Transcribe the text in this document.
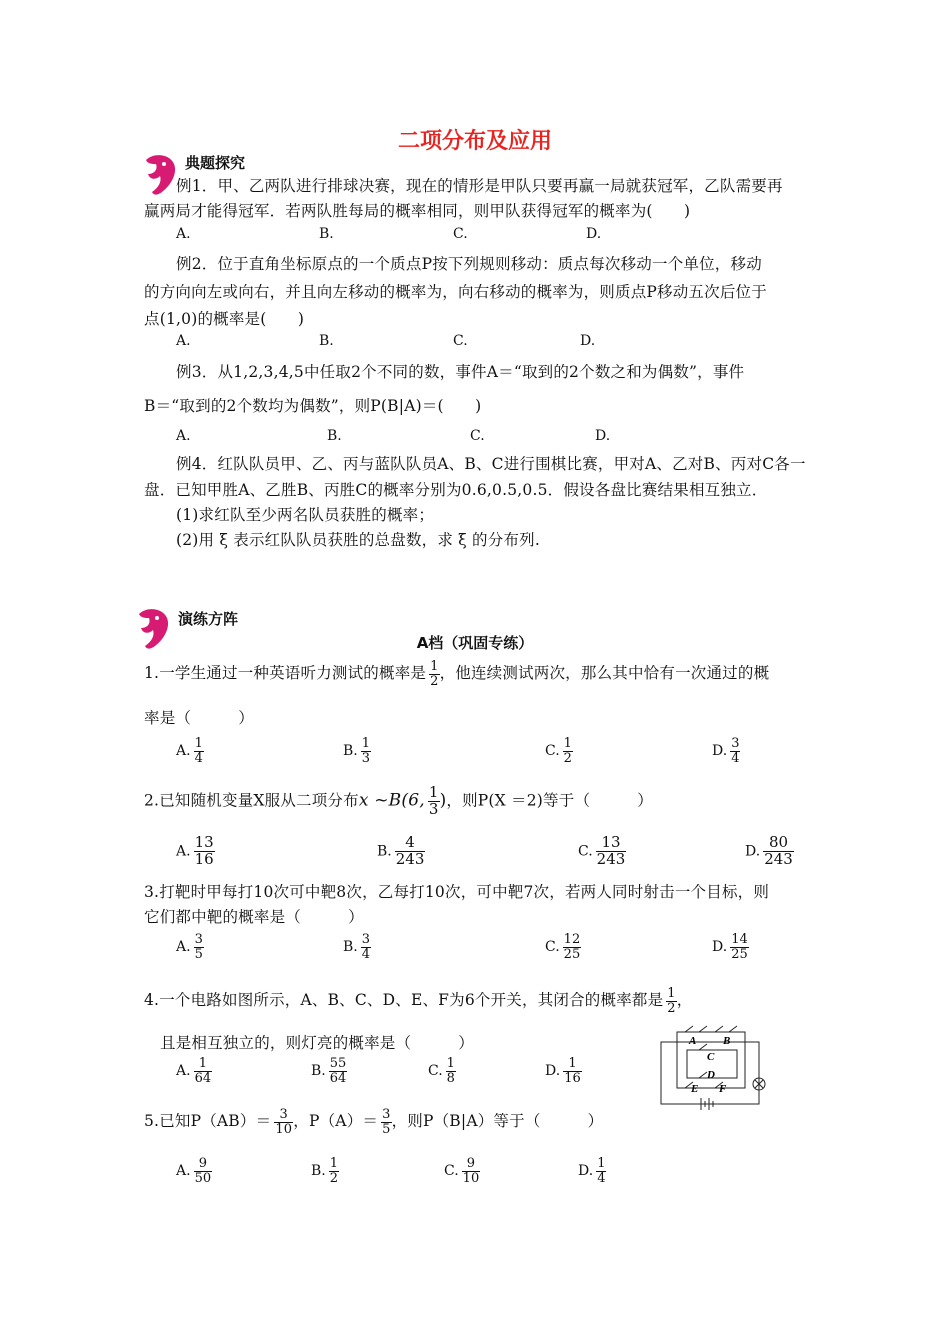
二项分布及应用
典题探究
例1．甲、乙两队进行排球决赛，现在的情形是甲队只要再赢一局就获冠军，乙队需要再
赢两局才能得冠军．若两队胜每局的概率相同，则甲队获得冠军的概率为(　　)
A.	B.	C.	D.
例2．位于直角坐标原点的一个质点P按下列规则移动：质点每次移动一个单位，移动
的方向向左或向右，并且向左移动的概率为，向右移动的概率为，则质点P移动五次后位于
点(1,0)的概率是(　　)
A.	B.	C.	D.
例3．从1,2,3,4,5中任取2个不同的数，事件A＝“取到的2个数之和为偶数”，事件
B＝“取到的2个数均为偶数”，则P(B|A)＝(　　)
A.	B.	C.	D.
例4．红队队员甲、乙、丙与蓝队队员A、B、C进行围棋比赛，甲对A、乙对B、丙对C各一
盘．已知甲胜A、乙胜B、丙胜C的概率分别为0.6,0.5,0.5．假设各盘比赛结果相互独立．
(1)求红队至少两名队员获胜的概率；
(2)用 ξ 表示红队队员获胜的总盘数，求 ξ 的分布列.
演练方阵
A档（巩固专练）
1.一学生通过一种英语听力测试的概率是 $\frac{1}{2}$ ，他连续测试两次，那么其中恰有一次通过的概
率是（　　　）
A. $\frac{1}{4}$	B. $\frac{1}{3}$	C. $\frac{1}{2}$	D. $\frac{3}{4}$
2.已知随机变量X服从二项分布x ~B(6, $\frac{1}{3}$ )，则P(X ＝2)等于（　　　）
A. $\frac{13}{16}$	B. $\frac{4}{243}$	C. $\frac{13}{243}$	D. $\frac{80}{243}$
3.打靶时甲每打10次可中靶8次，乙每打10次，可中靶7次，若两人同时射击一个目标，则
它们都中靶的概率是（　　　）
A. $\frac{3}{5}$	B. $\frac{3}{4}$	C. $\frac{12}{25}$	D. $\frac{14}{25}$
4.一个电路如图所示，A、B、C、D、E、F为6个开关，其闭合的概率都是 $\frac{1}{2}$ ，
且是相互独立的，则灯亮的概率是（　　　）
A. $\frac{1}{64}$	B. $\frac{55}{64}$	C. $\frac{1}{8}$	D. $\frac{1}{16}$
A B
C
D
E F
5.已知$P(AB)= \frac{3}{10}$ ，$P(A)= \frac{3}{5}$ ，则P（B|A）等于（　　　）
A. $\frac{9}{50}$	B. $\frac{1}{2}$	C. $\frac{9}{10}$	D. $\frac{1}{4}$
